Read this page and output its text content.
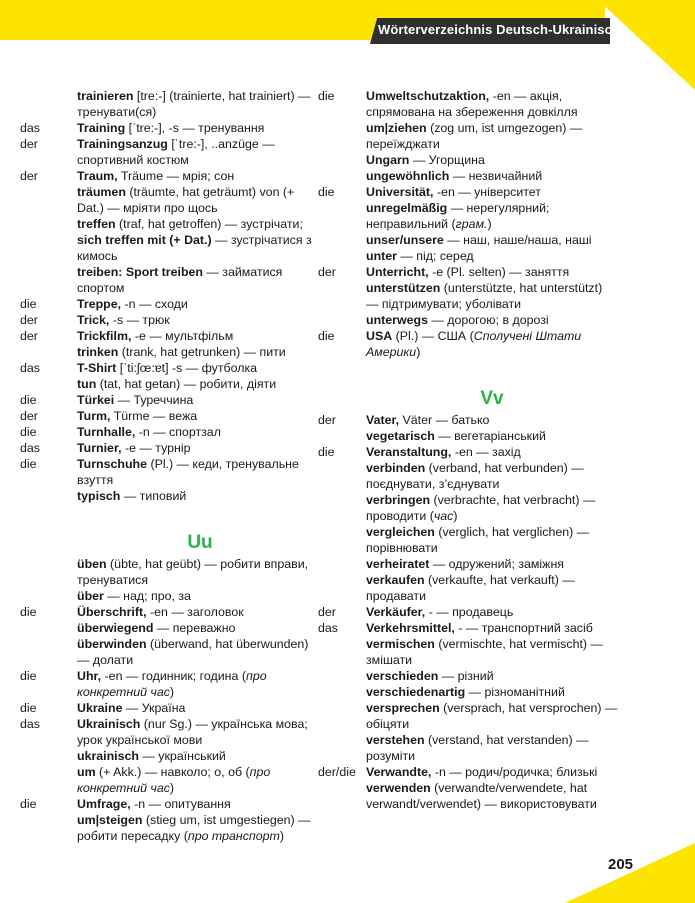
Wörterverzeichnis Deutsch-Ukrainisch
205
trainieren [tre:-] (trainierte, hat trainiert) — тренувати(ся)
das	Training [ˈtre:-], -s — тренування
der	Trainingsanzug [ˈtre:-], ..anzüge — спортивний костюм
der	Traum, Träume — мрія; сон
träumen (träumte, hat geträumt) von (+ Dat.) — мріяти про щось
treffen (traf, hat getroffen) — зустрічати; sich treffen mit (+ Dat.) — зустрічатися з кимось
treiben: Sport treiben — займатися спортом
die	Treppe, -n — сходи
der	Trick, -s — трюк
der	Trickfilm, -e — мультфільм
trinken (trank, hat getrunken) — пити
das	T-Shirt [ˈti:ʃœ:ɐt] -s — футболка
tun (tat, hat getan) — робити, діяти
die	Türkei — Туреччина
der	Turm, Türme — вежа
die	Turnhalle, -n — спортзал
das	Turnier, -e — турнір
die	Turnschuhe (Pl.) — кеди, тренувальне взуття
typisch — типовий
Uu
üben (übte, hat geübt) — робити вправи, тренуватися
über — над; про, за
die	Überschrift, -en — заголовок
überwiegend — переважно
überwinden (überwand, hat überwunden) — долати
die	Uhr, -en — годинник; година (про конкретний час)
die	Ukraine — Україна
das	Ukrainisch (nur Sg.) — українська мова; урок української мови
ukrainisch — український
um (+ Akk.) — навколо; о, об (про конкретний час)
die	Umfrage, -n — опитування
um|steigen (stieg um, ist umgestiegen) — робити пересадку (про транспорт)
die	Umweltschutzaktion, -en — акція, спрямована на збереження довкілля
um|ziehen (zog um, ist umgezogen) — переїжджати
Ungarn — Угорщина
ungewöhnlich — незвичайний
die	Universität, -en — університет
unregelmäßig — нерегулярний; неправильний (грам.)
unser/unsere — наш, наше/наша, наші
unter — під; серед
der	Unterricht, -e (Pl. selten) — заняття
unterstützen (unterstützte, hat unterstützt) — підтримувати; уболівати
unterwegs — дорогою; в дорозі
die	USA (Pl.) — США (Сполучені Штати Америки)
Vv
der	Vater, Väter — батько
vegetarisch — вегетаріанський
die	Veranstaltung, -en — захід
verbinden (verband, hat verbunden) — поєднувати, з’єднувати
verbringen (verbrachte, hat verbracht) — проводити (час)
vergleichen (verglich, hat verglichen) — порівнювати
verheiratet — одружений; заміжня
verkaufen (verkaufte, hat verkauft) — продавати
der	Verkäufer, - — продавець
das	Verkehrsmittel, - — транспортний засіб
vermischen (vermischte, hat vermischt) — змішати
verschieden — різний
verschiedenartig — різноманітний
versprechen (versprach, hat versprochen) — обіцяти
verstehen (verstand, hat verstanden) — розуміти
der/die Verwandte, -n — родич/родичка; близькі
verwenden (verwandte/verwendete, hat verwandt/verwendet) — використовувати
